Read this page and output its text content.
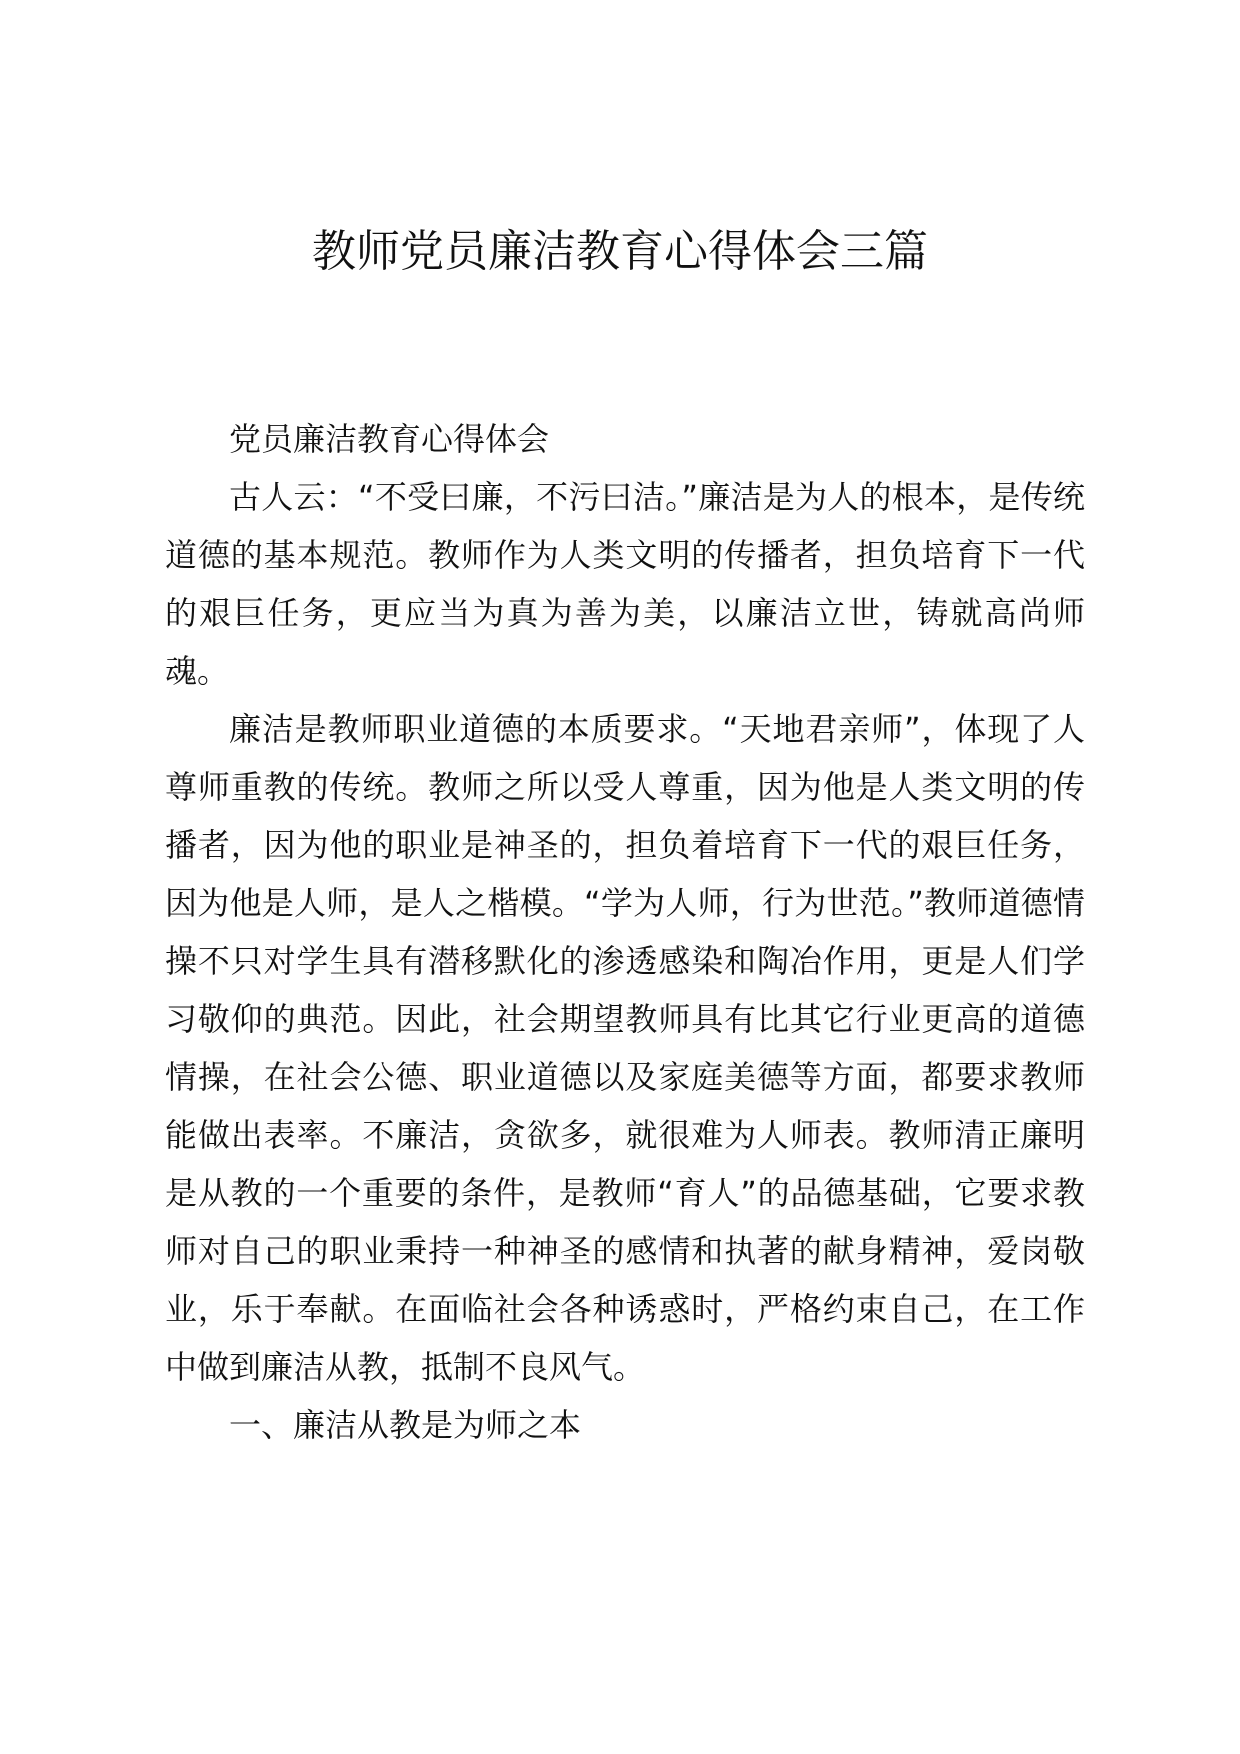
教师党员廉洁教育心得体会三篇

党员廉洁教育心得体会

古人云：“不受曰廉，不污曰洁。”廉洁是为人的根本，是传统道德的基本规范。教师作为人类文明的传播者，担负培育下一代的艰巨任务，更应当为真为善为美，以廉洁立世，铸就高尚师魂。

廉洁是教师职业道德的本质要求。“天地君亲师”，体现了人尊师重教的传统。教师之所以受人尊重，因为他是人类文明的传播者，因为他的职业是神圣的，担负着培育下一代的艰巨任务，因为他是人师，是人之楷模。“学为人师，行为世范。”教师道德情操不只对学生具有潜移默化的渗透感染和陶冶作用，更是人们学习敬仰的典范。因此，社会期望教师具有比其它行业更高的道德情操，在社会公德、职业道德以及家庭美德等方面，都要求教师能做出表率。不廉洁，贪欲多，就很难为人师表。教师清正廉明是从教的一个重要的条件，是教师“育人”的品德基础，它要求教师对自己的职业秉持一种神圣的感情和执著的献身精神，爱岗敬业，乐于奉献。在面临社会各种诱惑时，严格约束自己，在工作中做到廉洁从教，抵制不良风气。

一、廉洁从教是为师之本
